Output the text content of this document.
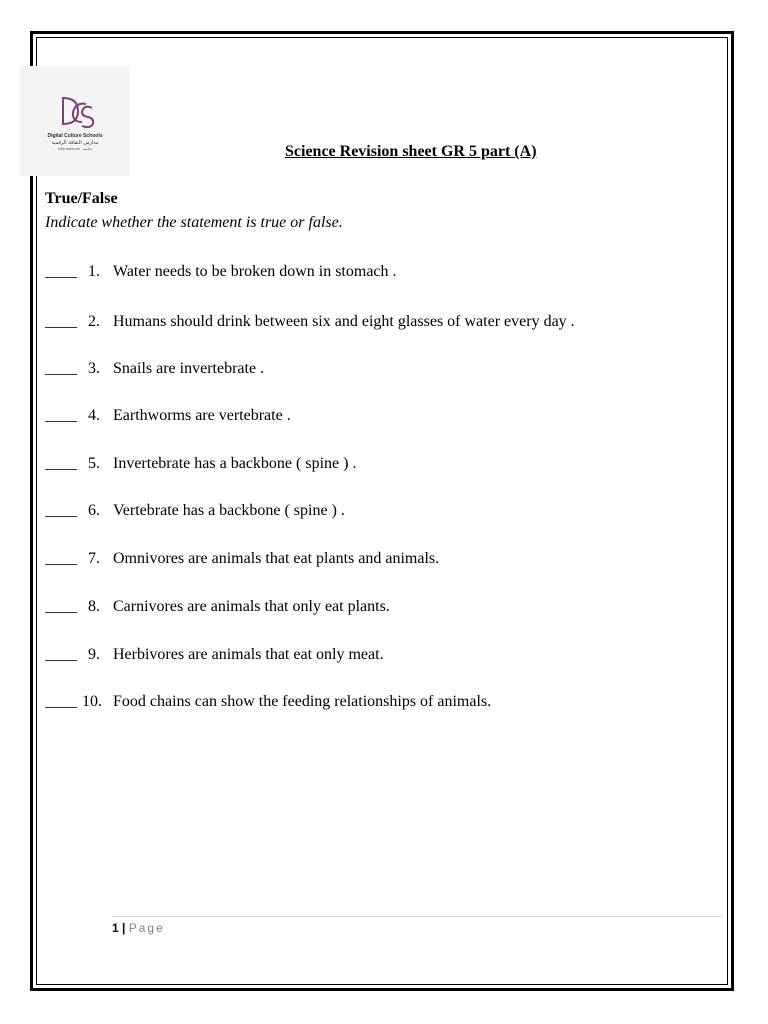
Digital Culture Schools
مدارس الثقافة الرقمية
International · عالمية	Science Revision sheet GR 5 part (A)
True/False
Indicate whether the statement is true or false.
____ 1. Water needs to be broken down in stomach .
____ 2. Humans should drink between six and eight glasses of water every day .
____ 3. Snails are invertebrate .
____ 4. Earthworms are vertebrate .
____ 5. Invertebrate has a backbone ( spine ) .
____ 6. Vertebrate has a backbone ( spine ) .
____ 7. Omnivores are animals that eat plants and animals.
____ 8. Carnivores are animals that only eat plants.
____ 9. Herbivores are animals that eat only meat.
____ 10. Food chains can show the feeding relationships of animals.
1 | Page
